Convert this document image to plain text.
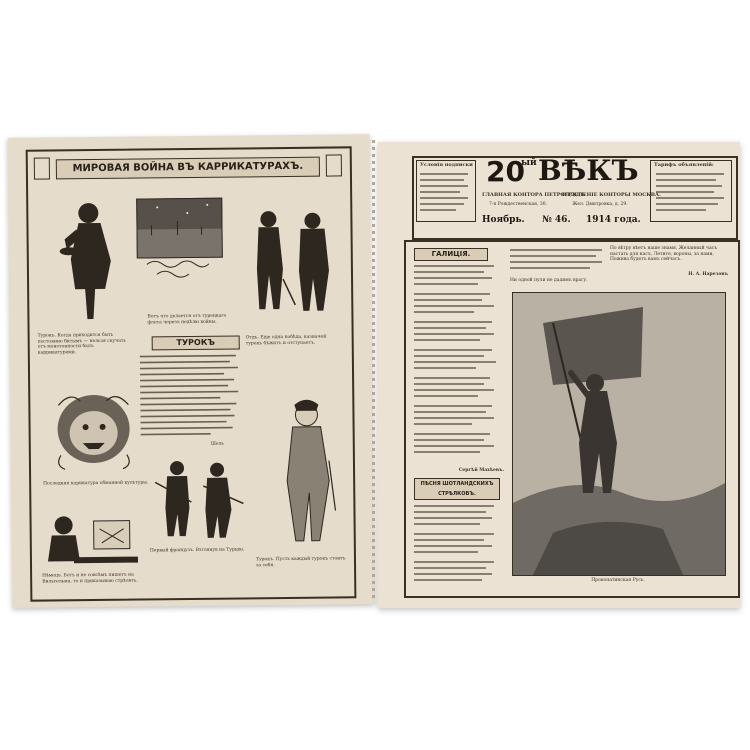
МИРОВАЯ ВОЙНА ВЪ КАРРИКАТУРАХЪ.
Турокъ. Когда приходится быть постоянно битымъ — нельзя скучать отъ монотонности быть каррикатурами.
Вотъ что делается отъ турецкаго флота черезъ недѣлю войны.
Отдъ. Еще одна побѣда, казначей турокъ бѣжитъ и отступаетъ.
ТУРОКЪ
Шель
Последняя карикатура обманной культуры.
Первый французъ. Взглянув на Турцію.
Турокъ. Пусть каждый турокъ стоитъ за себя.
Нѣмецъ. Богъ и не совсѣмъ пишетъ на Вильгельма, то и приказываю стрѣлять.
Условія подписки 20
ый ВѢКЪ
ГЛАВНАЯ КОНТОРА ПЕТРОГРАДЪ
7-я Рождественская, 30.
ОТДЕЛЕНІЕ КОНТОРЫ МОСКВА.
Жел. Дмитровка, д. 29.
Тарифъ объявленій:
Ноябрь. № 46. 1914 года.
ГАЛИЦІЯ.
Сергѣй Махѣевъ.
ПѢСНЯ ШОТЛАНДСКИХЪ СТРѢЛКОВЪ.
По вѣтру вѣетъ наше знамя, Желанный часъ настать для насъ, Летите, вороны, за нами, Пожива будетъ вамъ сейчасъ.
Н. А. Нарезовъ
Ни одной пули не дадимъ врагу.
Прокопатинская Русь.
